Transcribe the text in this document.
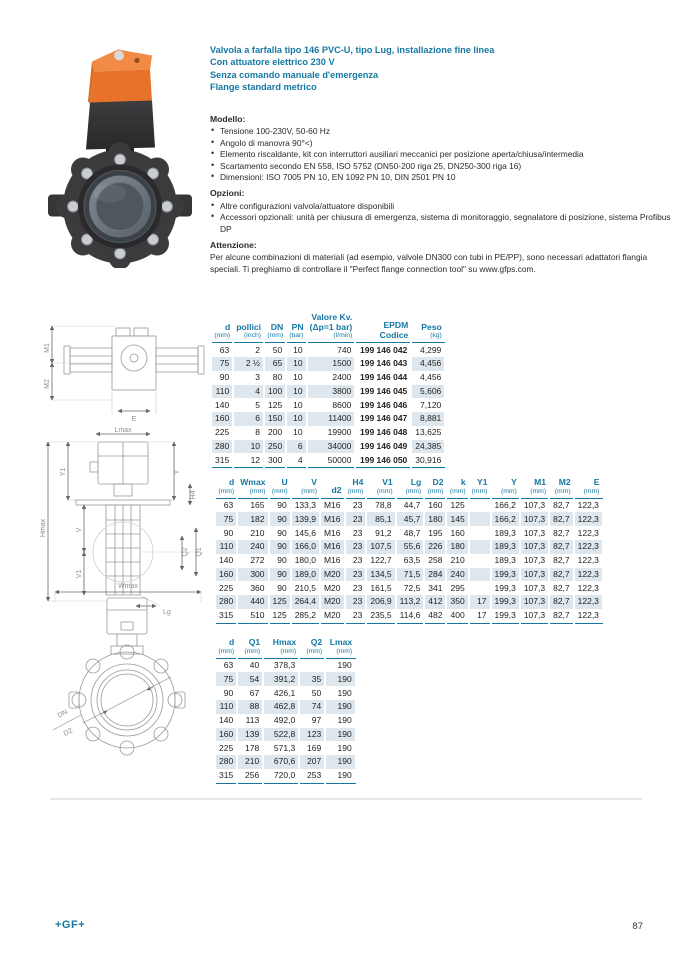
Valvola a farfalla tipo 146 PVC-U, tipo Lug, installazione fine linea
Con attuatore elettrico 230 V
Senza comando manuale d'emergenza
Flange standard metrico
Modello:
• Tensione 100-230V, 50-60 Hz
• Angolo di manovra 90°<)
• Elemento riscaldante, kit con interruttori ausiliari meccanici per posizione aperta/chiusa/intermedia
• Scartamento secondo EN 558, ISO 5752 (DN50-200 riga 25, DN250-300 riga 16)
• Dimensioni: ISO 7005 PN 10, EN 1092 PN 10, DIN 2501 PN 10
Opzioni:
• Altre configurazioni valvola/attuatore disponibili
• Accessori opzionali: unità per chiusura di emergenza, sistema di monitoraggio, segnalatore di posizione, sistema Profibus DP
Attenzione:
Per alcune combinazioni di materiali (ad esempio, valvole DN300 con tubi in PE/PP), sono necessari adattatori flangia speciali. Ti preghiamo di controllare il "Perfect flange connection tool" su www.gfps.com.
M1
M2
E
Lmax
Hmax
Y1
V
V1
Y
H4
Q1
Q2
Lg
Wmax
DN
D2
d
(mm)

pollici
(inch)

DN
(mm)

PN
(bar)

Valore Kv.
(Δp=1 bar)
(l/min)

EPDM
Codice

Peso
(kg)

63	2	50	10	740	199 146 042	4,299
75	2 ½	65	10	1500	199 146 043	4,456
90	3	80	10	2400	199 146 044	4,456
110	4	100	10	3800	199 146 045	5,606
140	5	125	10	8600	199 146 046	7,120
160	6	150	10	11400	199 146 047	8,881
225	8	200	10	19900	199 146 048	13,625
280	10	250	6	34000	199 146 049	24,385
315	12	300	4	50000	199 146 050	30,916
d
(mm)

Wmax
(mm)

U
(mm)

V
(mm)	d2

H4
(mm)

V1
(mm)

Lg
(mm)

D2
(mm)

k
(mm)

Y1
(mm)

Y
(mm)

M1
(mm)

M2
(mm)

E
(mm)

63	165	90	133,3	M16	23	78,8	44,7	160	125		166,2	107,3	82,7	122,3
75	182	90	139,9	M16	23	85,1	45,7	180	145		166,2	107,3	82,7	122,3
90	210	90	145,6	M16	23	91,2	48,7	195	160		189,3	107,3	82,7	122,3
110	240	90	166,0	M16	23	107,5	55,6	226	180		189,3	107,3	82,7	122,3
140	272	90	180,0	M16	23	122,7	63,5	258	210		189,3	107,3	82,7	122,3
160	300	90	189,0	M20	23	134,5	71,5	284	240		199,3	107,3	82,7	122,3
225	360	90	210,5	M20	23	161,5	72,5	341	295		199,3	107,3	82,7	122,3
280	440	125	264,4	M20	23	206,9	113,2	412	350	17	199,3	107,3	82,7	122,3
315	510	125	285,2	M20	23	235,5	114,6	482	400	17	199,3	107,3	82,7	122,3
d
(mm)

Q1
(mm)

Hmax
(mm)

Q2
(mm)

Lmax
(mm)

63	40	378,3		190
75	54	391,2	35	190
90	67	426,1	50	190
110	88	462,8	74	190
140	113	492,0	97	190
160	139	522,8	123	190
225	178	571,3	169	190
280	210	670,6	207	190
315	256	720,0	253	190
+GF+	87
